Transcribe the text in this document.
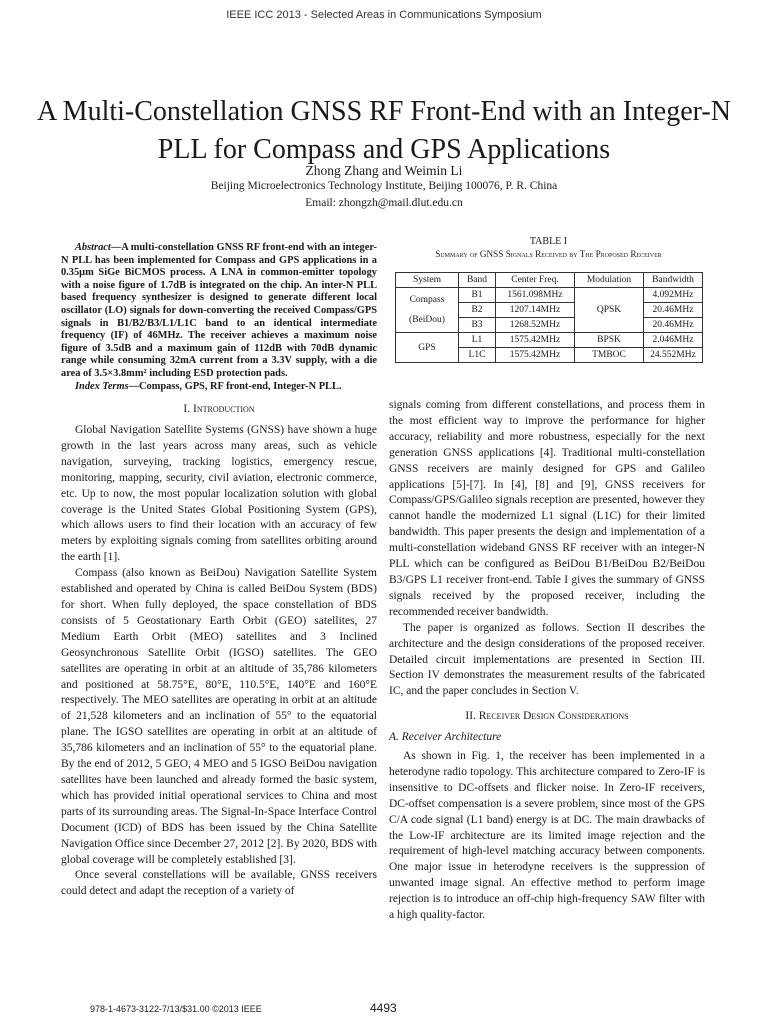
IEEE ICC 2013 - Selected Areas in Communications Symposium
A Multi-Constellation GNSS RF Front-End with an Integer-N PLL for Compass and GPS Applications
Zhong Zhang and Weimin Li
Beijing Microelectronics Technology Institute, Beijing 100076, P. R. China
Email: zhongzh@mail.dlut.edu.cn

Abstract—A multi-constellation GNSS RF front-end with an integer-N PLL has been implemented for Compass and GPS applications in a 0.35μm SiGe BiCMOS process. A LNA in common-emitter topology with a noise figure of 1.7dB is integrated on the chip. An inter-N PLL based frequency synthesizer is designed to generate different local oscillator (LO) signals for down-converting the received Compass/GPS signals in B1/B2/B3/L1/L1C band to an identical intermediate frequency (IF) of 46MHz. The receiver achieves a maximum noise figure of 3.5dB and a maximum gain of 112dB with 70dB dynamic range while consuming 32mA current from a 3.3V supply, with a die area of 3.5×3.8mm² including ESD protection pads.

Index Terms—Compass, GPS, RF front-end, Integer-N PLL.

I. Introduction

Global Navigation Satellite Systems (GNSS) have shown a huge growth in the last years across many areas, such as vehicle navigation, surveying, tracking logistics, emergency rescue, monitoring, mapping, security, civil aviation, electronic commerce, etc. Up to now, the most popular localization solution with global coverage is the United States Global Positioning System (GPS), which allows users to find their location with an accuracy of few meters by exploiting signals coming from satellites orbiting around the earth [1].

Compass (also known as BeiDou) Navigation Satellite System established and operated by China is called BeiDou System (BDS) for short. When fully deployed, the space constellation of BDS consists of 5 Geostationary Earth Orbit (GEO) satellites, 27 Medium Earth Orbit (MEO) satellites and 3 Inclined Geosynchronous Satellite Orbit (IGSO) satellites. The GEO satellites are operating in orbit at an altitude of 35,786 kilometers and positioned at 58.75°E, 80°E, 110.5°E, 140°E and 160°E respectively. The MEO satellites are operating in orbit at an altitude of 21,528 kilometers and an inclination of 55° to the equatorial plane. The IGSO satellites are operating in orbit at an altitude of 35,786 kilometers and an inclination of 55° to the equatorial plane. By the end of 2012, 5 GEO, 4 MEO and 5 IGSO BeiDou navigation satellites have been launched and already formed the basic system, which has provided initial operational services to China and most parts of its surrounding areas. The Signal-In-Space Interface Control Document (ICD) of BDS has been issued by the China Satellite Navigation Office since December 27, 2012 [2]. By 2020, BDS with global coverage will be completely established [3].

Once several constellations will be available, GNSS receivers could detect and adapt the reception of a variety of

TABLE I
Summary of GNSS Signals Received by The Proposed Receiver
System	Band	Center Freq.	Modulation	Bandwidth
Compass (BeiDou)	B1	1561.098MHz	QPSK	4.092MHz
	B2	1207.14MHz		20.46MHz
	B3	1268.52MHz		20.46MHz
GPS	L1	1575.42MHz	BPSK	2.046MHz
	L1C	1575.42MHz	TMBOC	24.552MHz

signals coming from different constellations, and process them in the most efficient way to improve the performance for higher accuracy, reliability and more robustness, especially for the next generation GNSS applications [4]. Traditional multi-constellation GNSS receivers are mainly designed for GPS and Galileo applications [5]-[7]. In [4], [8] and [9], GNSS receivers for Compass/GPS/Galileo signals reception are presented, however they cannot handle the modernized L1 signal (L1C) for their limited bandwidth. This paper presents the design and implementation of a multi-constellation wideband GNSS RF receiver with an integer-N PLL which can be configured as BeiDou B1/BeiDou B2/BeiDou B3/GPS L1 receiver front-end. Table I gives the summary of GNSS signals received by the proposed receiver, including the recommended receiver bandwidth.

The paper is organized as follows. Section II describes the architecture and the design considerations of the proposed receiver. Detailed circuit implementations are presented in Section III. Section IV demonstrates the measurement results of the fabricated IC, and the paper concludes in Section V.

II. Receiver Design Considerations
A. Receiver Architecture

As shown in Fig. 1, the receiver has been implemented in a heterodyne radio topology. This architecture compared to Zero-IF is insensitive to DC-offsets and flicker noise. In Zero-IF receivers, DC-offset compensation is a severe problem, since most of the GPS C/A code signal (L1 band) energy is at DC. The main drawbacks of the Low-IF architecture are its limited image rejection and the requirement of high-level matching accuracy between components. One major issue in heterodyne receivers is the suppression of unwanted image signal. An effective method to perform image rejection is to introduce an off-chip high-frequency SAW filter with a high quality-factor.

978-1-4673-3122-7/13/$31.00 ©2013 IEEE	4493
